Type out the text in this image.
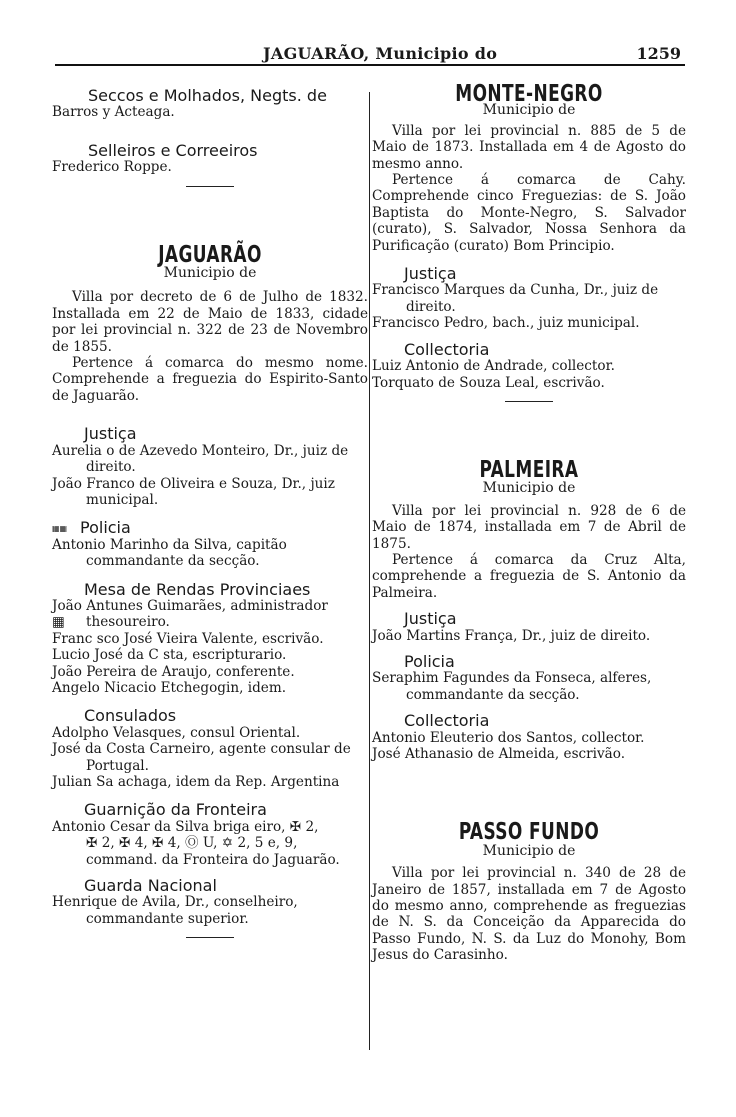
JAGUARÃO, Municipio do	1259
Seccos e Molhados, Negts. de

Barros y Acteaga.

Selleiros e Correeiros

Frederico Roppe.

JAGUARÃO
Municipio de

Villa por decreto de 6 de Julho de 1832. Installada em 22 de Maio de 1833, cidade por lei provincial n. 322 de 23 de Novembro de 1855.

Pertence á comarca do mesmo nome. Comprehende a freguezia do Espirito-Santo de Jaguarão.

Justiça

Aurelia o de Azevedo Monteiro, Dr., juiz de direito.

João Franco de Oliveira e Souza, Dr., juiz municipal.

▦▦ Policia

Antonio Marinho da Silva, capitão commandante da secção.

Mesa de Rendas Provinciaes

João Antunes Guimarães, administrador

▦ thesoureiro.

Franc sco José Vieira Valente, escrivão.

Lucio José da C sta, escripturario.

João Pereira de Araujo, conferente.

Angelo Nicacio Etchegogin, idem.

Consulados

Adolpho Velasques, consul Oriental.

José da Costa Carneiro, agente consular de Portugal.

Julian Sa achaga, idem da Rep. Argentina

Guarnição da Fronteira

Antonio Cesar da Silva briga eiro, ✠ 2,

✠ 2, ✠ 4, ✠ 4, Ⓞ U, ✡ 2, 5 e, 9,

command. da Fronteira do Jaguarão.

Guarda Nacional

Henrique de Avila, Dr., conselheiro, commandante superior.

MONTE-NEGRO
Municipio de

Villa por lei provincial n. 885 de 5 de Maio de 1873. Installada em 4 de Agosto do mesmo anno.

Pertence á comarca de Cahy. Comprehende cinco Freguezias: de S. João Baptista do Monte-Negro, S. Salvador (curato), S. Salvador, Nossa Senhora da Purificação (curato) Bom Principio.

Justiça

Francisco Marques da Cunha, Dr., juiz de direito.

Francisco Pedro, bach., juiz municipal.

Collectoria

Luiz Antonio de Andrade, collector.

Torquato de Souza Leal, escrivão.

PALMEIRA
Municipio de

Villa por lei provincial n. 928 de 6 de Maio de 1874, installada em 7 de Abril de 1875.

Pertence á comarca da Cruz Alta, comprehende a freguezia de S. Antonio da Palmeira.

Justiça

João Martins França, Dr., juiz de direito.

Policia

Seraphim Fagundes da Fonseca, alferes, commandante da secção.

Collectoria

Antonio Eleuterio dos Santos, collector.

José Athanasio de Almeida, escrivão.

PASSO FUNDO
Municipio de

Villa por lei provincial n. 340 de 28 de Janeiro de 1857, installada em 7 de Agosto do mesmo anno, comprehende as freguezias de N. S. da Conceição da Apparecida do Passo Fundo, N. S. da Luz do Monohy, Bom Jesus do Carasinho.
